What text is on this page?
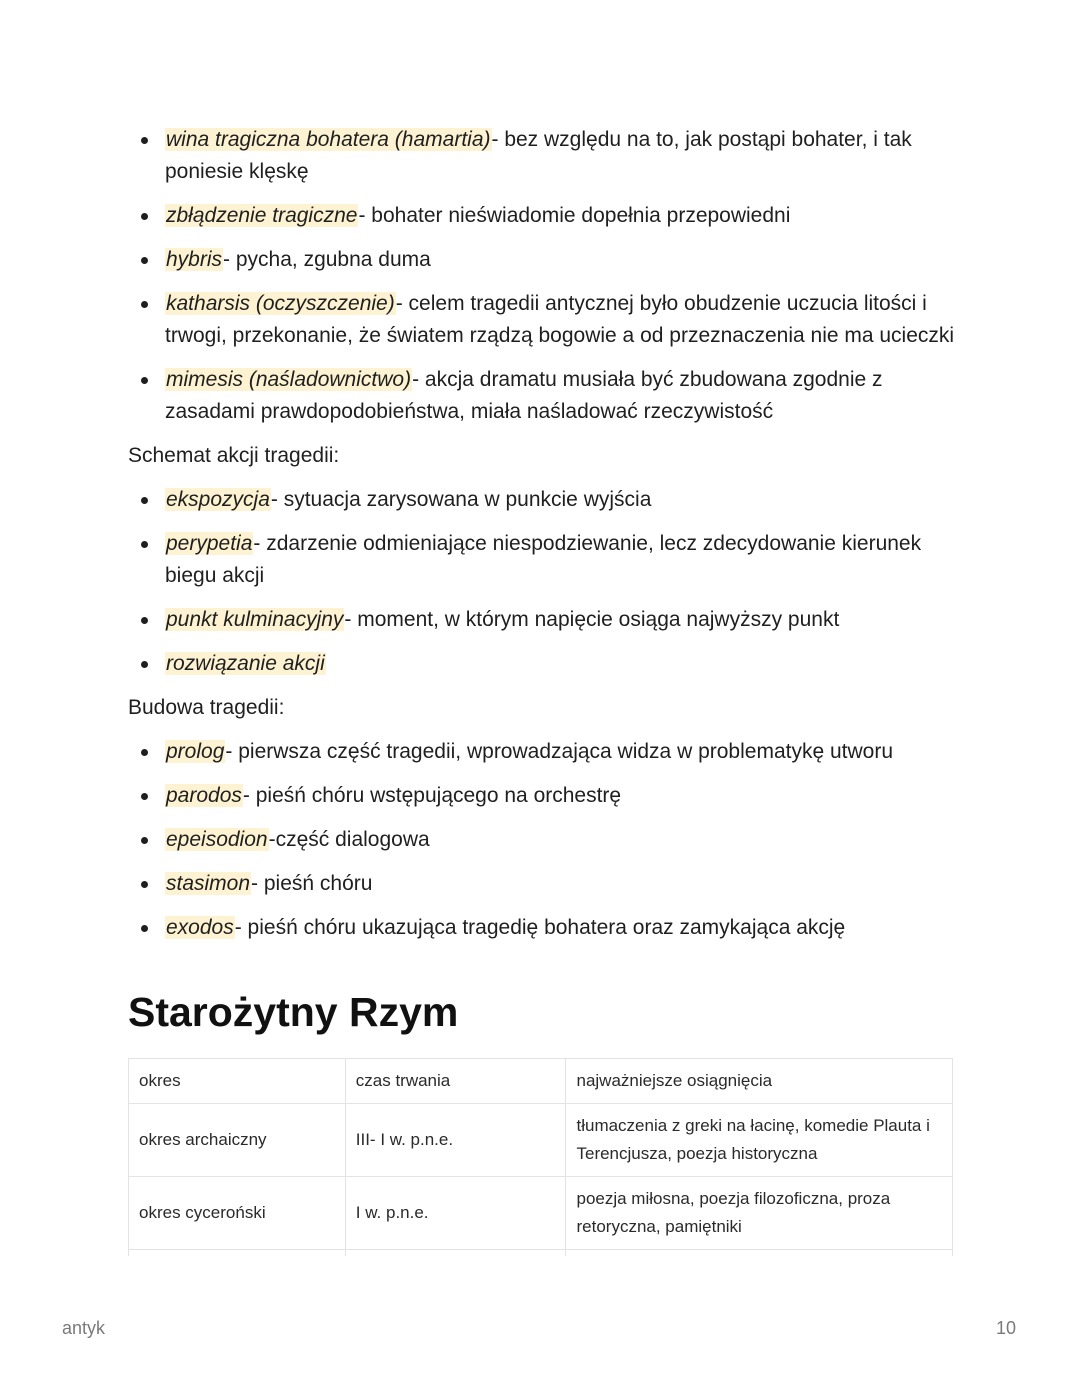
wina tragiczna bohatera (hamartia)- bez względu na to, jak postąpi bohater, i tak poniesie klęskę
zbłądzenie tragiczne- bohater nieświadomie dopełnia przepowiedni
hybris- pycha, zgubna duma
katharsis (oczyszczenie)- celem tragedii antycznej było obudzenie uczucia litości i trwogi, przekonanie, że światem rządzą bogowie a od przeznaczenia nie ma ucieczki
mimesis (naśladownictwo)- akcja dramatu musiała być zbudowana zgodnie z zasadami prawdopodobieństwa, miała naśladować rzeczywistość

Schemat akcji tragedii:

ekspozycja- sytuacja zarysowana w punkcie wyjścia
perypetia- zdarzenie odmieniające niespodziewanie, lecz zdecydowanie kierunek biegu akcji
punkt kulminacyjny- moment, w którym napięcie osiąga najwyższy punkt
rozwiązanie akcji

Budowa tragedii:

prolog- pierwsza część tragedii, wprowadzająca widza w problematykę utworu
parodos- pieśń chóru wstępującego na orchestrę
epeisodion-część dialogowa
stasimon- pieśń chóru
exodos- pieśń chóru ukazująca tragedię bohatera oraz zamykająca akcję
Starożytny Rzym
okres	czas trwania	najważniejsze osiągnięcia
okres archaiczny	III- I w. p.n.e.	tłumaczenia z greki na łacinę, komedie Plauta i Terencjusza, poezja historyczna
okres cyceroński	I w. p.n.e.	poezja miłosna, poezja filozoficzna, proza retoryczna, pamiętniki

antyk	10
